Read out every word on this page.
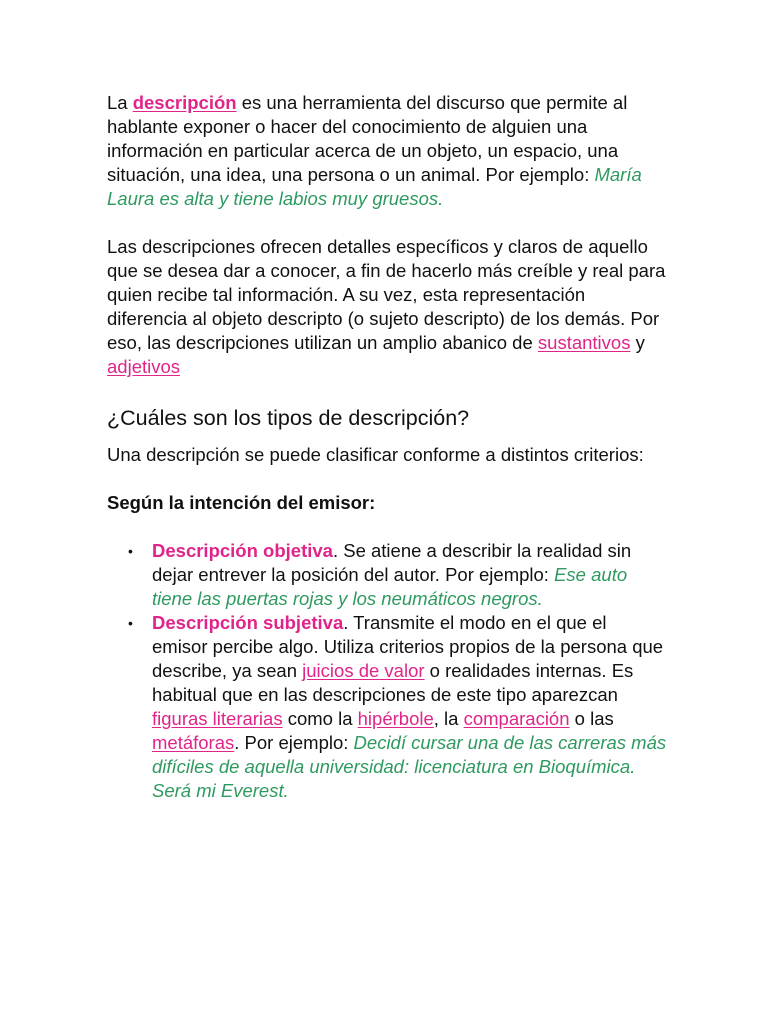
La descripción es una herramienta del discurso que permite al hablante exponer o hacer del conocimiento de alguien una información en particular acerca de un objeto, un espacio, una situación, una idea, una persona o un animal. Por ejemplo: María Laura es alta y tiene labios muy gruesos.

Las descripciones ofrecen detalles específicos y claros de aquello que se desea dar a conocer, a fin de hacerlo más creíble y real para quien recibe tal información. A su vez, esta representación diferencia al objeto descripto (o sujeto descripto) de los demás. Por eso, las descripciones utilizan un amplio abanico de sustantivos y adjetivos

¿Cuáles son los tipos de descripción?

Una descripción se puede clasificar conforme a distintos criterios:

Según la intención del emisor:

• Descripción objetiva. Se atiene a describir la realidad sin dejar entrever la posición del autor. Por ejemplo: Ese auto tiene las puertas rojas y los neumáticos negros.
• Descripción subjetiva. Transmite el modo en el que el emisor percibe algo. Utiliza criterios propios de la persona que describe, ya sean juicios de valor o realidades internas. Es habitual que en las descripciones de este tipo aparezcan figuras literarias como la hipérbole, la comparación o las metáforas. Por ejemplo: Decidí cursar una de las carreras más difíciles de aquella universidad: licenciatura en Bioquímica. Será mi Everest.
